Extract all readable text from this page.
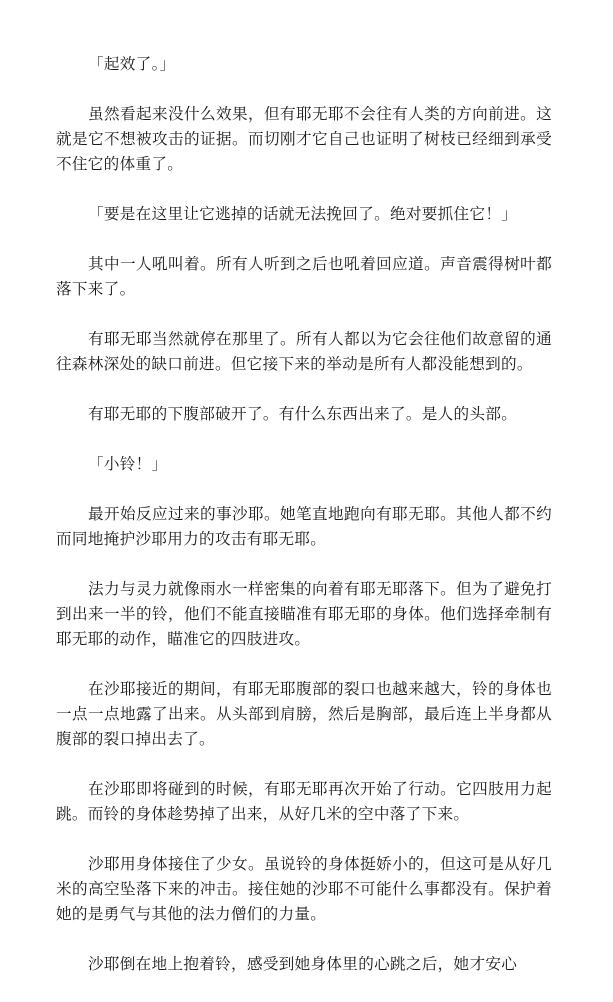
「起效了。」

虽然看起来没什么效果，但有耶无耶不会往有人类的方向前进。这就是它不想被攻击的证据。而切刚才它自己也证明了树枝已经细到承受不住它的体重了。

「要是在这里让它逃掉的话就无法挽回了。绝对要抓住它！」

其中一人吼叫着。所有人听到之后也吼着回应道。声音震得树叶都落下来了。

有耶无耶当然就停在那里了。所有人都以为它会往他们故意留的通往森林深处的缺口前进。但它接下来的举动是所有人都没能想到的。

有耶无耶的下腹部破开了。有什么东西出来了。是人的头部。

「小铃！」

最开始反应过来的事沙耶。她笔直地跑向有耶无耶。其他人都不约而同地掩护沙耶用力的攻击有耶无耶。

法力与灵力就像雨水一样密集的向着有耶无耶落下。但为了避免打到出来一半的铃，他们不能直接瞄准有耶无耶的身体。他们选择牵制有耶无耶的动作，瞄准它的四肢进攻。

在沙耶接近的期间，有耶无耶腹部的裂口也越来越大，铃的身体也一点一点地露了出来。从头部到肩膀，然后是胸部，最后连上半身都从腹部的裂口掉出去了。

在沙耶即将碰到的时候，有耶无耶再次开始了行动。它四肢用力起跳。而铃的身体趁势掉了出来，从好几米的空中落了下来。

沙耶用身体接住了少女。虽说铃的身体挺娇小的，但这可是从好几米的高空坠落下来的冲击。接住她的沙耶不可能什么事都没有。保护着她的是勇气与其他的法力僧们的力量。

沙耶倒在地上抱着铃，感受到她身体里的心跳之后，她才安心
